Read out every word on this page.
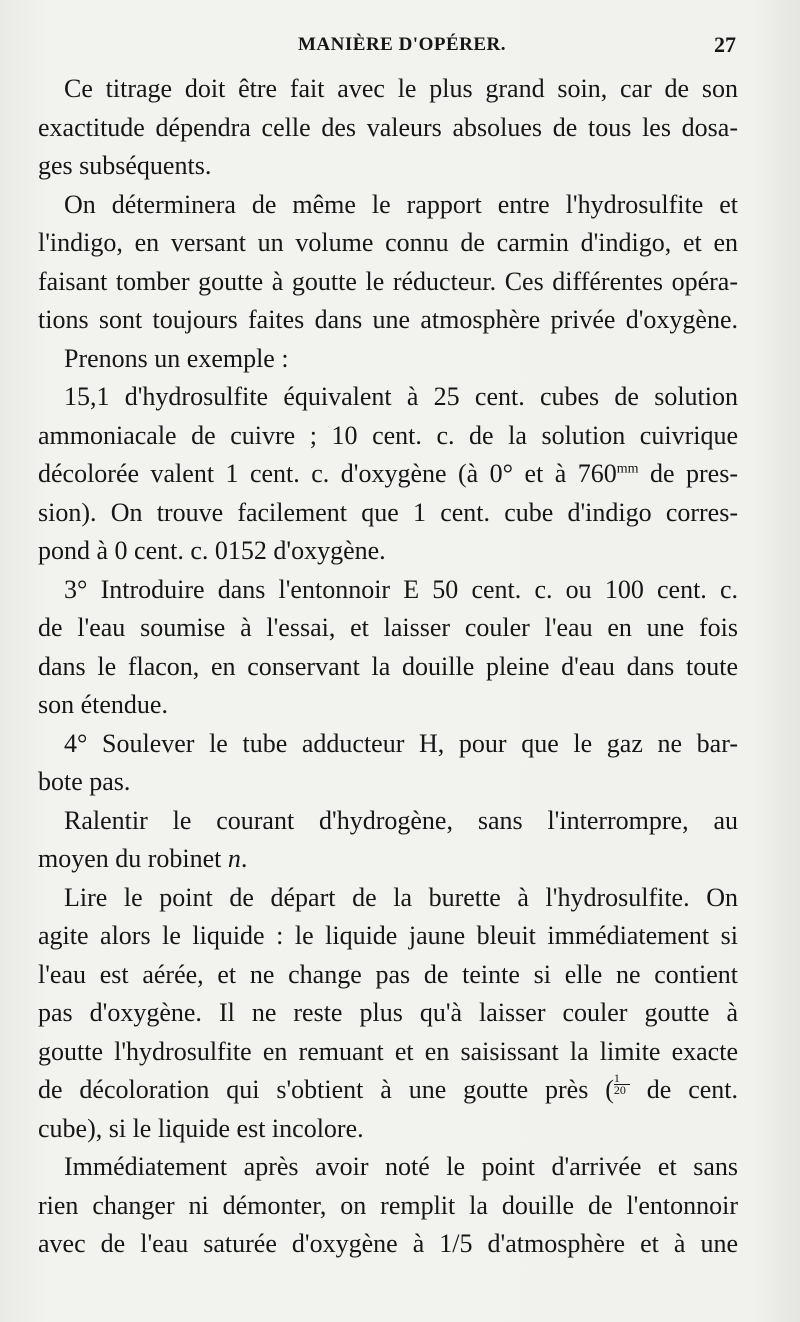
MANIÈRE D'OPÉRER.	27
Ce titrage doit être fait avec le plus grand soin, car de son
exactitude dépendra celle des valeurs absolues de tous les dosa-
ges subséquents.
On déterminera de même le rapport entre l'hydrosulfite et
l'indigo, en versant un volume connu de carmin d'indigo, et en
faisant tomber goutte à goutte le réducteur. Ces différentes opéra-
tions sont toujours faites dans une atmosphère privée d'oxygène.
Prenons un exemple :
15,1 d'hydrosulfite équivalent à 25 cent. cubes de solution
ammoniacale de cuivre ; 10 cent. c. de la solution cuivrique
décolorée valent 1 cent. c. d'oxygène (à 0° et à $760^{mm}$ de pres-
sion). On trouve facilement que 1 cent. cube d'indigo corres-
pond à 0 cent. c. 0152 d'oxygène.
3° Introduire dans l'entonnoir E 50 cent. c. ou 100 cent. c.
de l'eau soumise à l'essai, et laisser couler l'eau en une fois
dans le flacon, en conservant la douille pleine d'eau dans toute
son étendue.
4° Soulever le tube adducteur H, pour que le gaz ne bar-
bote pas.
Ralentir le courant d'hydrogène, sans l'interrompre, au
moyen du robinet n.
Lire le point de départ de la burette à l'hydrosulfite. On
agite alors le liquide : le liquide jaune bleuit immédiatement si
l'eau est aérée, et ne change pas de teinte si elle ne contient
pas d'oxygène. Il ne reste plus qu'à laisser couler goutte à
goutte l'hydrosulfite en remuant et en saisissant la limite exacte
de décoloration qui s'obtient à une goutte près ( $\frac{1}{20}$ de cent.
cube), si le liquide est incolore.
Immédiatement après avoir noté le point d'arrivée et sans
rien changer ni démonter, on remplit la douille de l'entonnoir
avec de l'eau saturée d'oxygène à 1/5 d'atmosphère et à une
